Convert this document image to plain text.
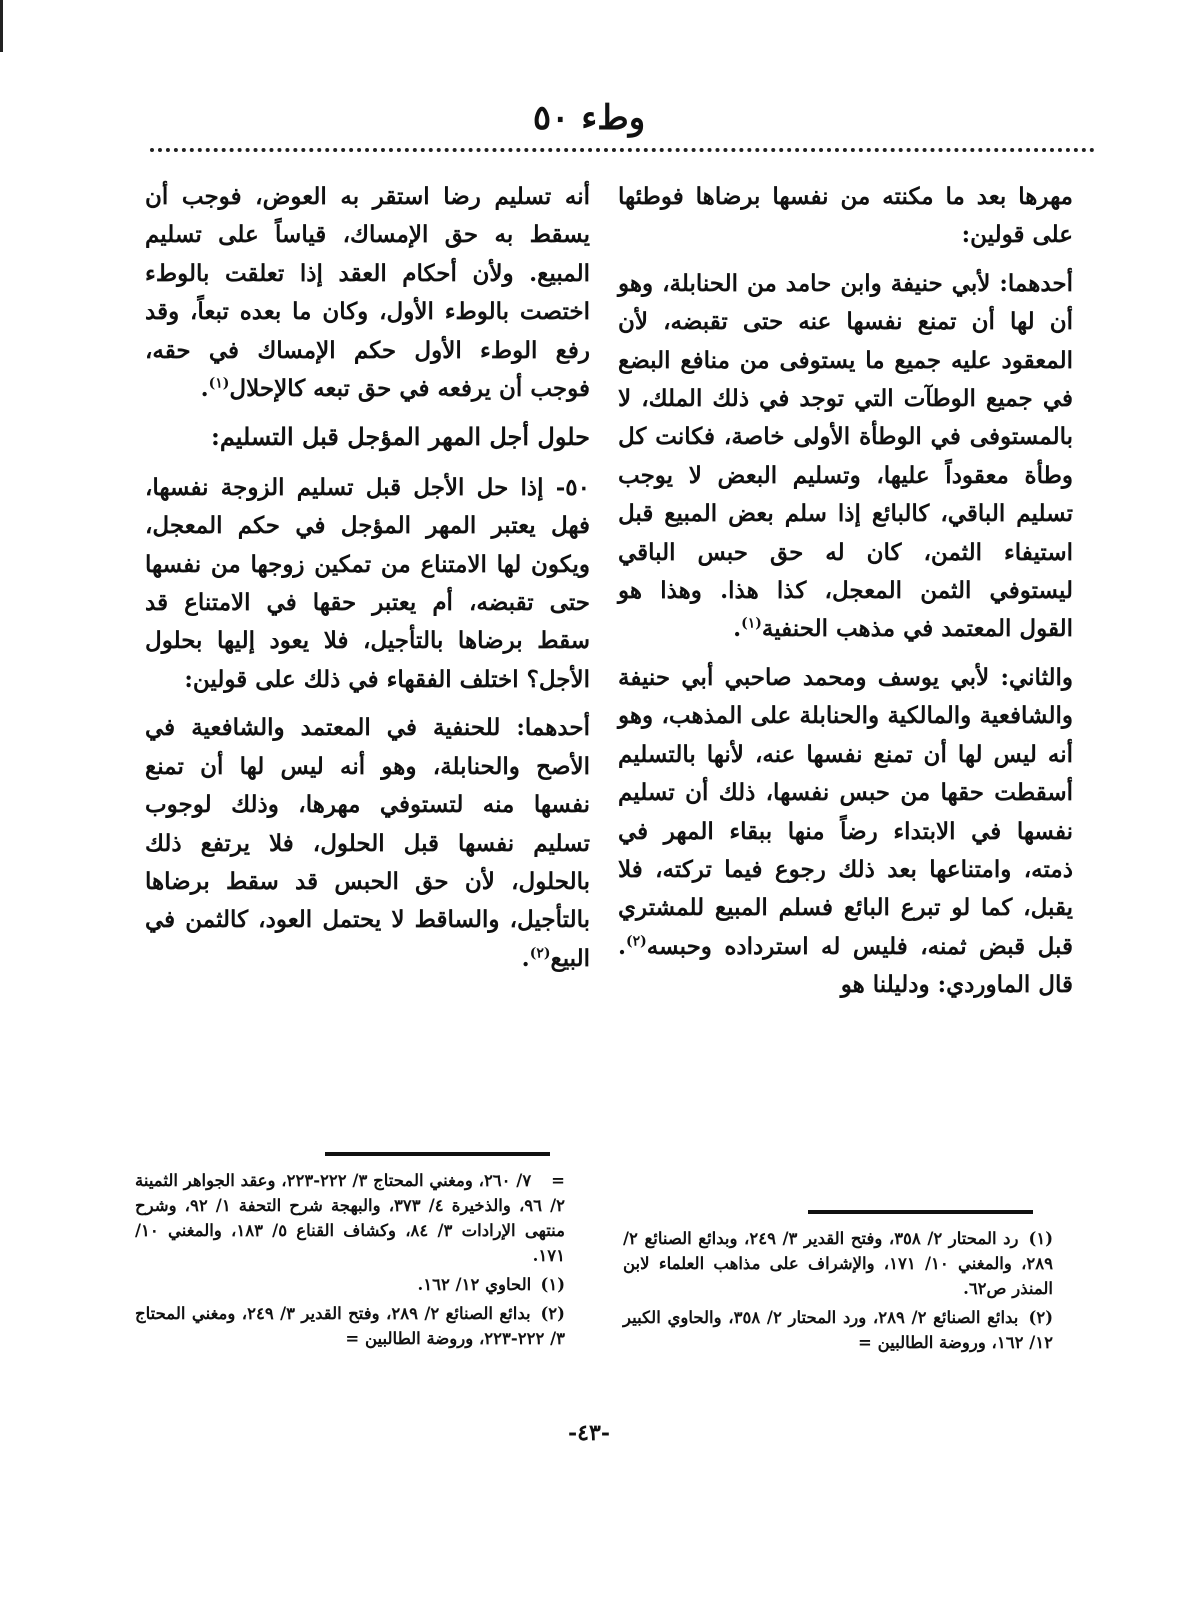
وطء ٥٠

مهرها بعد ما مكنته من نفسها برضاها فوطئها على قولين:

أحدهما: لأبي حنيفة وابن حامد من الحنابلة، وهو أن لها أن تمنع نفسها عنه حتى تقبضه، لأن المعقود عليه جميع ما يستوفى من منافع البضع في جميع الوطآت التي توجد في ذلك الملك، لا بالمستوفى في الوطأة الأولى خاصة، فكانت كل وطأة معقوداً عليها، وتسليم البعض لا يوجب تسليم الباقي، كالبائع إذا سلم بعض المبيع قبل استيفاء الثمن، كان له حق حبس الباقي ليستوفي الثمن المعجل، كذا هذا. وهذا هو القول المعتمد في مذهب الحنفية$^{(١)}$.

والثاني: لأبي يوسف ومحمد صاحبي أبي حنيفة والشافعية والمالكية والحنابلة على المذهب، وهو أنه ليس لها أن تمنع نفسها عنه، لأنها بالتسليم أسقطت حقها من حبس نفسها، ذلك أن تسليم نفسها في الابتداء رضاً منها ببقاء المهر في ذمته، وامتناعها بعد ذلك رجوع فيما تركته، فلا يقبل، كما لو تبرع البائع فسلم المبيع للمشتري قبل قبض ثمنه، فليس له استرداده وحبسه$^{(٢)}$. قال الماوردي: ودليلنا هو

أنه تسليم رضا استقر به العوض، فوجب أن يسقط به حق الإمساك، قياساً على تسليم المبيع. ولأن أحكام العقد إذا تعلقت بالوطء اختصت بالوطء الأول، وكان ما بعده تبعاً، وقد رفع الوطء الأول حكم الإمساك في حقه، فوجب أن يرفعه في حق تبعه كالإحلال$^{(١)}$.

حلول أجل المهر المؤجل قبل التسليم:

٥٠- إذا حل الأجل قبل تسليم الزوجة نفسها، فهل يعتبر المهر المؤجل في حكم المعجل، ويكون لها الامتناع من تمكين زوجها من نفسها حتى تقبضه، أم يعتبر حقها في الامتناع قد سقط برضاها بالتأجيل، فلا يعود إليها بحلول الأجل؟ اختلف الفقهاء في ذلك على قولين:

أحدهما: للحنفية في المعتمد والشافعية في الأصح والحنابلة، وهو أنه ليس لها أن تمنع نفسها منه لتستوفي مهرها، وذلك لوجوب تسليم نفسها قبل الحلول، فلا يرتفع ذلك بالحلول، لأن حق الحبس قد سقط برضاها بالتأجيل، والساقط لا يحتمل العود، كالثمن في البيع$^{(٢)}$.

= ٧/ ٢٦٠، ومغني المحتاج ٣/ ٢٢٢-٢٢٣، وعقد الجواهر الثمينة ٢/ ٩٦، والذخيرة ٤/ ٣٧٣، والبهجة شرح التحفة ١/ ٩٢، وشرح منتهى الإرادات ٣/ ٨٤، وكشاف القناع ٥/ ١٨٣، والمغني ١٠/ ١٧١.

(١) الحاوي ١٢/ ١٦٢.

(٢) بدائع الصنائع ٢/ ٢٨٩، وفتح القدير ٣/ ٢٤٩، ومغني المحتاج ٣/ ٢٢٢-٢٢٣، وروضة الطالبين =

(١) رد المحتار ٢/ ٣٥٨، وفتح القدير ٣/ ٢٤٩، وبدائع الصنائع ٢/ ٢٨٩، والمغني ١٠/ ١٧١، والإشراف على مذاهب العلماء لابن المنذر ص٦٢.

(٢) بدائع الصنائع ٢/ ٢٨٩، ورد المحتار ٢/ ٣٥٨، والحاوي الكبير ١٢/ ١٦٢، وروضة الطالبين =

-٤٣-
